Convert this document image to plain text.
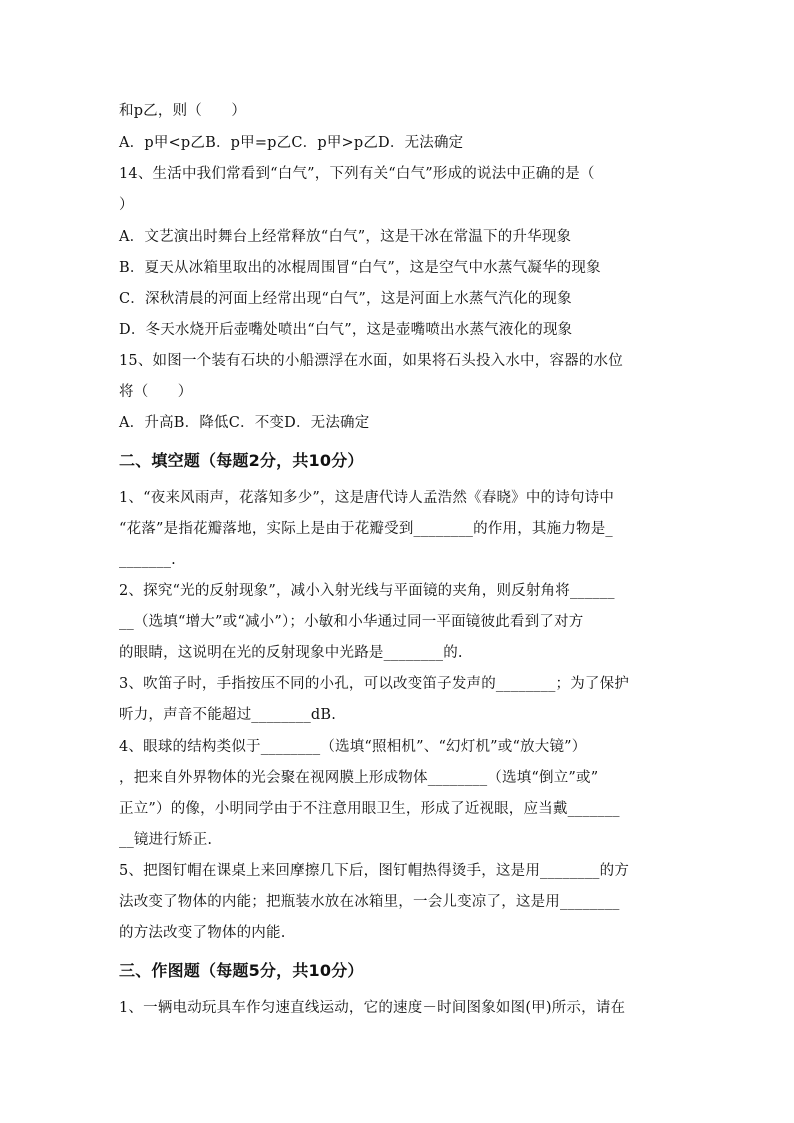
和p乙，则（　　）
A．p甲<p乙B．p甲=p乙C．p甲>p乙D．无法确定
14、生活中我们常看到“白气”，下列有关“白气”形成的说法中正确的是（
）
A．文艺演出时舞台上经常释放“白气”，这是干冰在常温下的升华现象
B．夏天从冰箱里取出的冰棍周围冒“白气”，这是空气中水蒸气凝华的现象
C．深秋清晨的河面上经常出现“白气”，这是河面上水蒸气汽化的现象
D．冬天水烧开后壶嘴处喷出“白气”，这是壶嘴喷出水蒸气液化的现象
15、如图一个装有石块的小船漂浮在水面，如果将石头投入水中，容器的水位
将（　　）
A．升高B．降低C．不变D．无法确定
二、填空题（每题2分，共10分）
1、“夜来风雨声，花落知多少”，这是唐代诗人孟浩然《春晓》中的诗句诗中
“花落”是指花瓣落地，实际上是由于花瓣受到________的作用，其施力物是_
_______.
2、探究“光的反射现象”，减小入射光线与平面镜的夹角，则反射角将______
__（选填“增大”或“减小”）；小敏和小华通过同一平面镜彼此看到了对方
的眼睛，这说明在光的反射现象中光路是________的.
3、吹笛子时，手指按压不同的小孔，可以改变笛子发声的________；为了保护
听力，声音不能超过________dB.
4、眼球的结构类似于________（选填“照相机”、“幻灯机”或“放大镜”）
，把来自外界物体的光会聚在视网膜上形成物体________（选填“倒立”或”
正立”）的像，小明同学由于不注意用眼卫生，形成了近视眼，应当戴_______
__镜进行矫正.
5、把图钉帽在课桌上来回摩擦几下后，图钉帽热得烫手，这是用________的方
法改变了物体的内能；把瓶装水放在冰箱里，一会儿变凉了，这是用________
的方法改变了物体的内能.
三、作图题（每题5分，共10分）
1、一辆电动玩具车作匀速直线运动，它的速度－时间图象如图(甲)所示，请在
